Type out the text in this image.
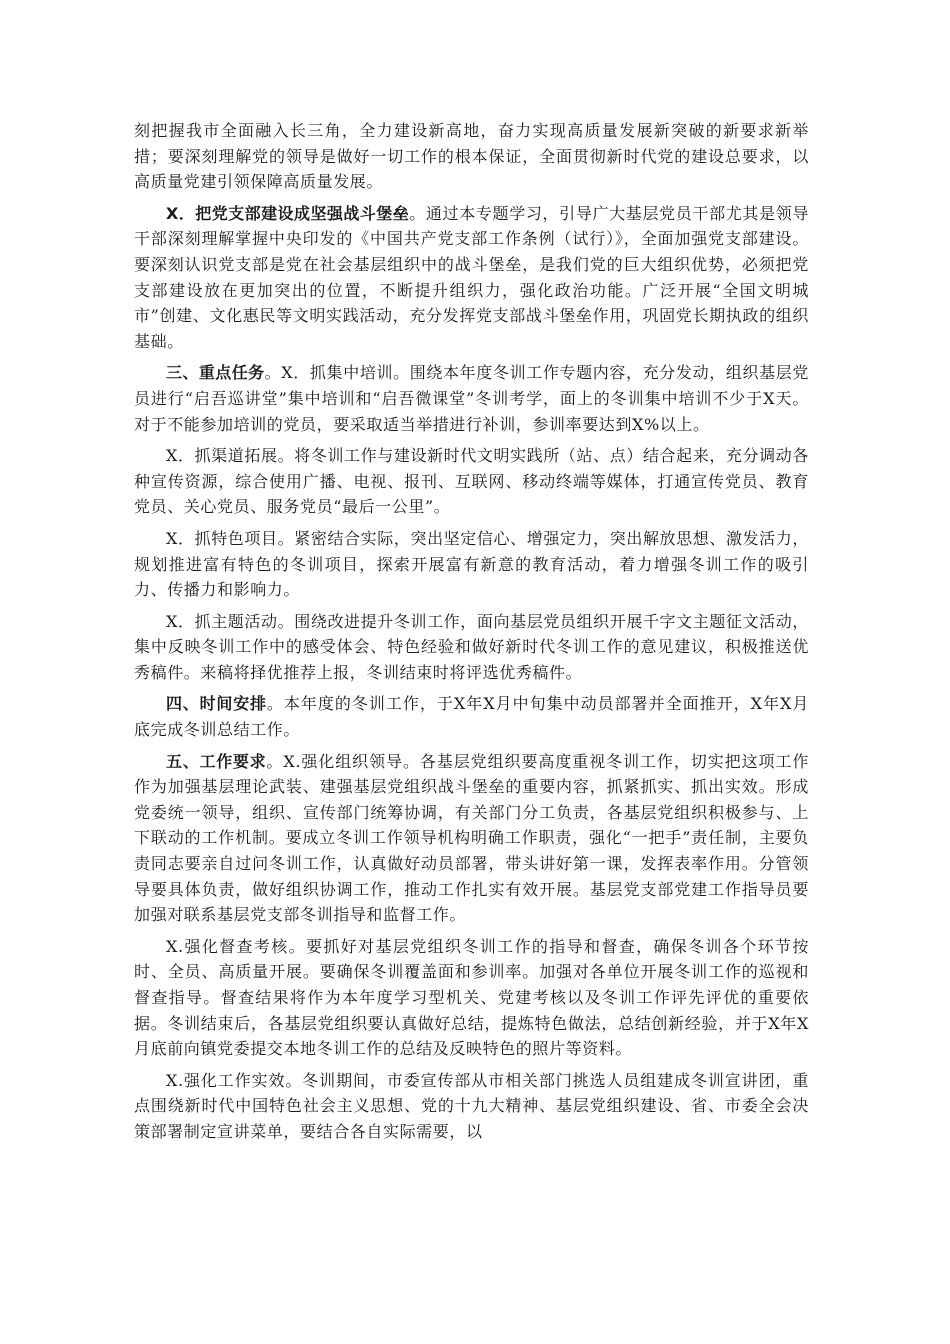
刻把握我市全面融入长三角，全力建设新高地，奋力实现高质量发展新突破的新要求新举措；要深刻理解党的领导是做好一切工作的根本保证，全面贯彻新时代党的建设总要求，以高质量党建引领保障高质量发展。

X．把党支部建设成坚强战斗堡垒。通过本专题学习，引导广大基层党员干部尤其是领导干部深刻理解掌握中央印发的《中国共产党支部工作条例（试行）》，全面加强党支部建设。要深刻认识党支部是党在社会基层组织中的战斗堡垒，是我们党的巨大组织优势，必须把党支部建设放在更加突出的位置，不断提升组织力，强化政治功能。广泛开展“全国文明城市”创建、文化惠民等文明实践活动，充分发挥党支部战斗堡垒作用，巩固党长期执政的组织基础。

三、重点任务。X．抓集中培训。围绕本年度冬训工作专题内容，充分发动，组织基层党员进行“启吾巡讲堂”集中培训和“启吾微课堂”冬训考学，面上的冬训集中培训不少于X天。对于不能参加培训的党员，要采取适当举措进行补训，参训率要达到X%以上。

X．抓渠道拓展。将冬训工作与建设新时代文明实践所（站、点）结合起来，充分调动各种宣传资源，综合使用广播、电视、报刊、互联网、移动终端等媒体，打通宣传党员、教育党员、关心党员、服务党员“最后一公里”。

X．抓特色项目。紧密结合实际，突出坚定信心、增强定力，突出解放思想、激发活力，规划推进富有特色的冬训项目，探索开展富有新意的教育活动，着力增强冬训工作的吸引力、传播力和影响力。

X．抓主题活动。围绕改进提升冬训工作，面向基层党员组织开展千字文主题征文活动，集中反映冬训工作中的感受体会、特色经验和做好新时代冬训工作的意见建议，积极推送优秀稿件。来稿将择优推荐上报，冬训结束时将评选优秀稿件。

四、时间安排。本年度的冬训工作，于X年X月中旬集中动员部署并全面推开，X年X月底完成冬训总结工作。

五、工作要求。X.强化组织领导。各基层党组织要高度重视冬训工作，切实把这项工作作为加强基层理论武装、建强基层党组织战斗堡垒的重要内容，抓紧抓实、抓出实效。形成党委统一领导，组织、宣传部门统筹协调，有关部门分工负责，各基层党组织积极参与、上下联动的工作机制。要成立冬训工作领导机构明确工作职责，强化“一把手”责任制，主要负责同志要亲自过问冬训工作，认真做好动员部署，带头讲好第一课，发挥表率作用。分管领导要具体负责，做好组织协调工作，推动工作扎实有效开展。基层党支部党建工作指导员要加强对联系基层党支部冬训指导和监督工作。

X.强化督查考核。要抓好对基层党组织冬训工作的指导和督查，确保冬训各个环节按时、全员、高质量开展。要确保冬训覆盖面和参训率。加强对各单位开展冬训工作的巡视和督查指导。督查结果将作为本年度学习型机关、党建考核以及冬训工作评先评优的重要依据。冬训结束后，各基层党组织要认真做好总结，提炼特色做法，总结创新经验，并于X年X月底前向镇党委提交本地冬训工作的总结及反映特色的照片等资料。

X.强化工作实效。冬训期间，市委宣传部从市相关部门挑选人员组建成冬训宣讲团，重点围绕新时代中国特色社会主义思想、党的十九大精神、基层党组织建设、省、市委全会决策部署制定宣讲菜单，要结合各自实际需要，以
